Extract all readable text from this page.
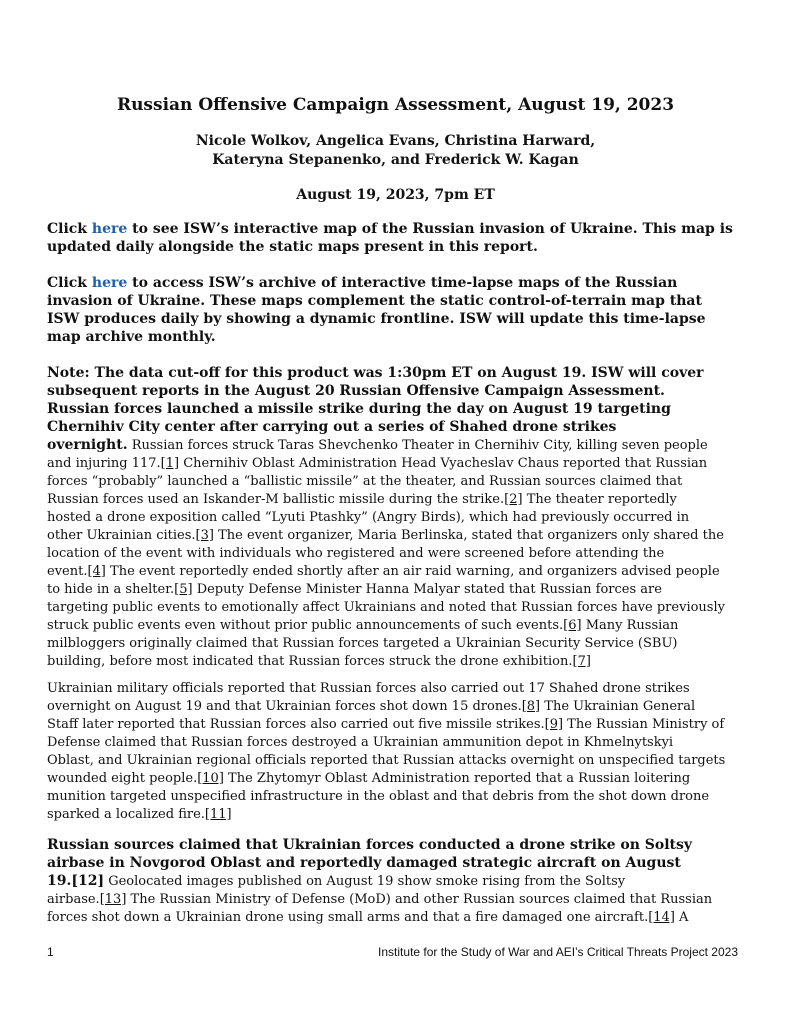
Russian Offensive Campaign Assessment, August 19, 2023
Nicole Wolkov, Angelica Evans, Christina Harward,
Kateryna Stepanenko, and Frederick W. Kagan
August 19, 2023, 7pm ET
Click here to see ISW’s interactive map of the Russian invasion of Ukraine. This map is
updated daily alongside the static maps present in this report.
Click here to access ISW’s archive of interactive time-lapse maps of the Russian
invasion of Ukraine. These maps complement the static control-of-terrain map that
ISW produces daily by showing a dynamic frontline. ISW will update this time-lapse
map archive monthly.
Note: The data cut-off for this product was 1:30pm ET on August 19. ISW will cover
subsequent reports in the August 20 Russian Offensive Campaign Assessment.
Russian forces launched a missile strike during the day on August 19 targeting
Chernihiv City center after carrying out a series of Shahed drone strikes
overnight. Russian forces struck Taras Shevchenko Theater in Chernihiv City, killing seven people
and injuring 117.[1] Chernihiv Oblast Administration Head Vyacheslav Chaus reported that Russian
forces “probably” launched a “ballistic missile” at the theater, and Russian sources claimed that
Russian forces used an Iskander-M ballistic missile during the strike.[2] The theater reportedly
hosted a drone exposition called “Lyuti Ptashky” (Angry Birds), which had previously occurred in
other Ukrainian cities.[3] The event organizer, Maria Berlinska, stated that organizers only shared the
location of the event with individuals who registered and were screened before attending the
event.[4] The event reportedly ended shortly after an air raid warning, and organizers advised people
to hide in a shelter.[5] Deputy Defense Minister Hanna Malyar stated that Russian forces are
targeting public events to emotionally affect Ukrainians and noted that Russian forces have previously
struck public events even without prior public announcements of such events.[6] Many Russian
milbloggers originally claimed that Russian forces targeted a Ukrainian Security Service (SBU)
building, before most indicated that Russian forces struck the drone exhibition.[7]
Ukrainian military officials reported that Russian forces also carried out 17 Shahed drone strikes
overnight on August 19 and that Ukrainian forces shot down 15 drones.[8] The Ukrainian General
Staff later reported that Russian forces also carried out five missile strikes.[9] The Russian Ministry of
Defense claimed that Russian forces destroyed a Ukrainian ammunition depot in Khmelnytskyi
Oblast, and Ukrainian regional officials reported that Russian attacks overnight on unspecified targets
wounded eight people.[10] The Zhytomyr Oblast Administration reported that a Russian loitering
munition targeted unspecified infrastructure in the oblast and that debris from the shot down drone
sparked a localized fire.[11]
Russian sources claimed that Ukrainian forces conducted a drone strike on Soltsy
airbase in Novgorod Oblast and reportedly damaged strategic aircraft on August
19.[12] Geolocated images published on August 19 show smoke rising from the Soltsy
airbase.[13] The Russian Ministry of Defense (MoD) and other Russian sources claimed that Russian
forces shot down a Ukrainian drone using small arms and that a fire damaged one aircraft.[14] A
1	Institute for the Study of War and AEI’s Critical Threats Project 2023
